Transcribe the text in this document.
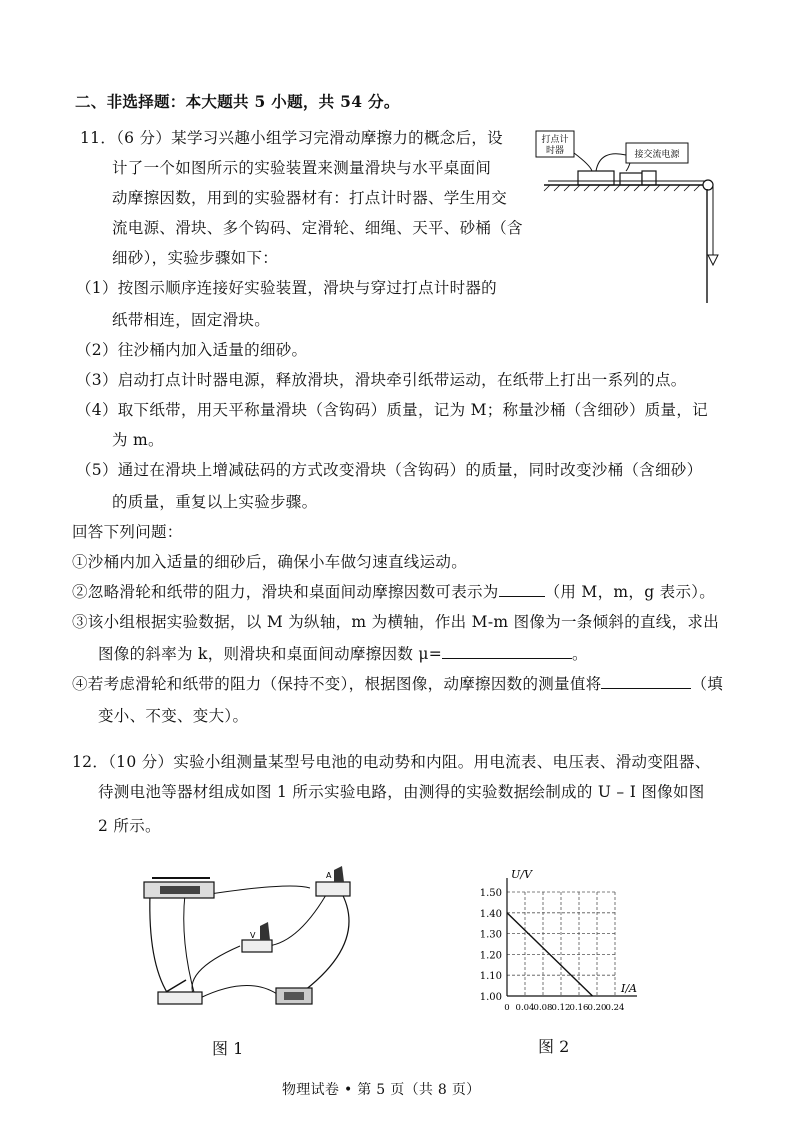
二、非选择题：本大题共 5 小题，共 54 分。
11．（6 分）某学习兴趣小组学习完滑动摩擦力的概念后，设
计了一个如图所示的实验装置来测量滑块与水平桌面间
动摩擦因数，用到的实验器材有：打点计时器、学生用交
流电源、滑块、多个钩码、定滑轮、细绳、天平、砂桶（含
细砂），实验步骤如下：
打点计
时器	接交流电源
（1）按图示顺序连接好实验装置，滑块与穿过打点计时器的
纸带相连，固定滑块。
（2）往沙桶内加入适量的细砂。
（3）启动打点计时器电源，释放滑块，滑块牵引纸带运动，在纸带上打出一系列的点。
（4）取下纸带，用天平称量滑块（含钩码）质量，记为 M；称量沙桶（含细砂）质量，记
为 m。
（5）通过在滑块上增减砝码的方式改变滑块（含钩码）的质量，同时改变沙桶（含细砂）
的质量，重复以上实验步骤。
回答下列问题：
①沙桶内加入适量的细砂后，确保小车做匀速直线运动。
②忽略滑轮和纸带的阻力，滑块和桌面间动摩擦因数可表示为	（用 M，m，g 表示）。
③该小组根据实验数据，以 M 为纵轴，m 为横轴，作出 M-m 图像为一条倾斜的直线，求出
图像的斜率为 k，则滑块和桌面间动摩擦因数 μ=	。
④若考虑滑轮和纸带的阻力（保持不变），根据图像，动摩擦因数的测量值将	（填
变小、不变、变大）。
12．（10 分）实验小组测量某型号电池的电动势和内阻。用电流表、电压表、滑动变阻器、
待测电池等器材组成如图 1 所示实验电路，由测得的实验数据绘制成的 U – I 图像如图
2 所示。
A
V
图 1
1.00
1.10
1.20
1.30
1.40
1.50
0 0.04 0.08 0.12 0.16 0.20 0.24
U/V
I/A
图 2
物理试卷 • 第 5 页（共 8 页）
